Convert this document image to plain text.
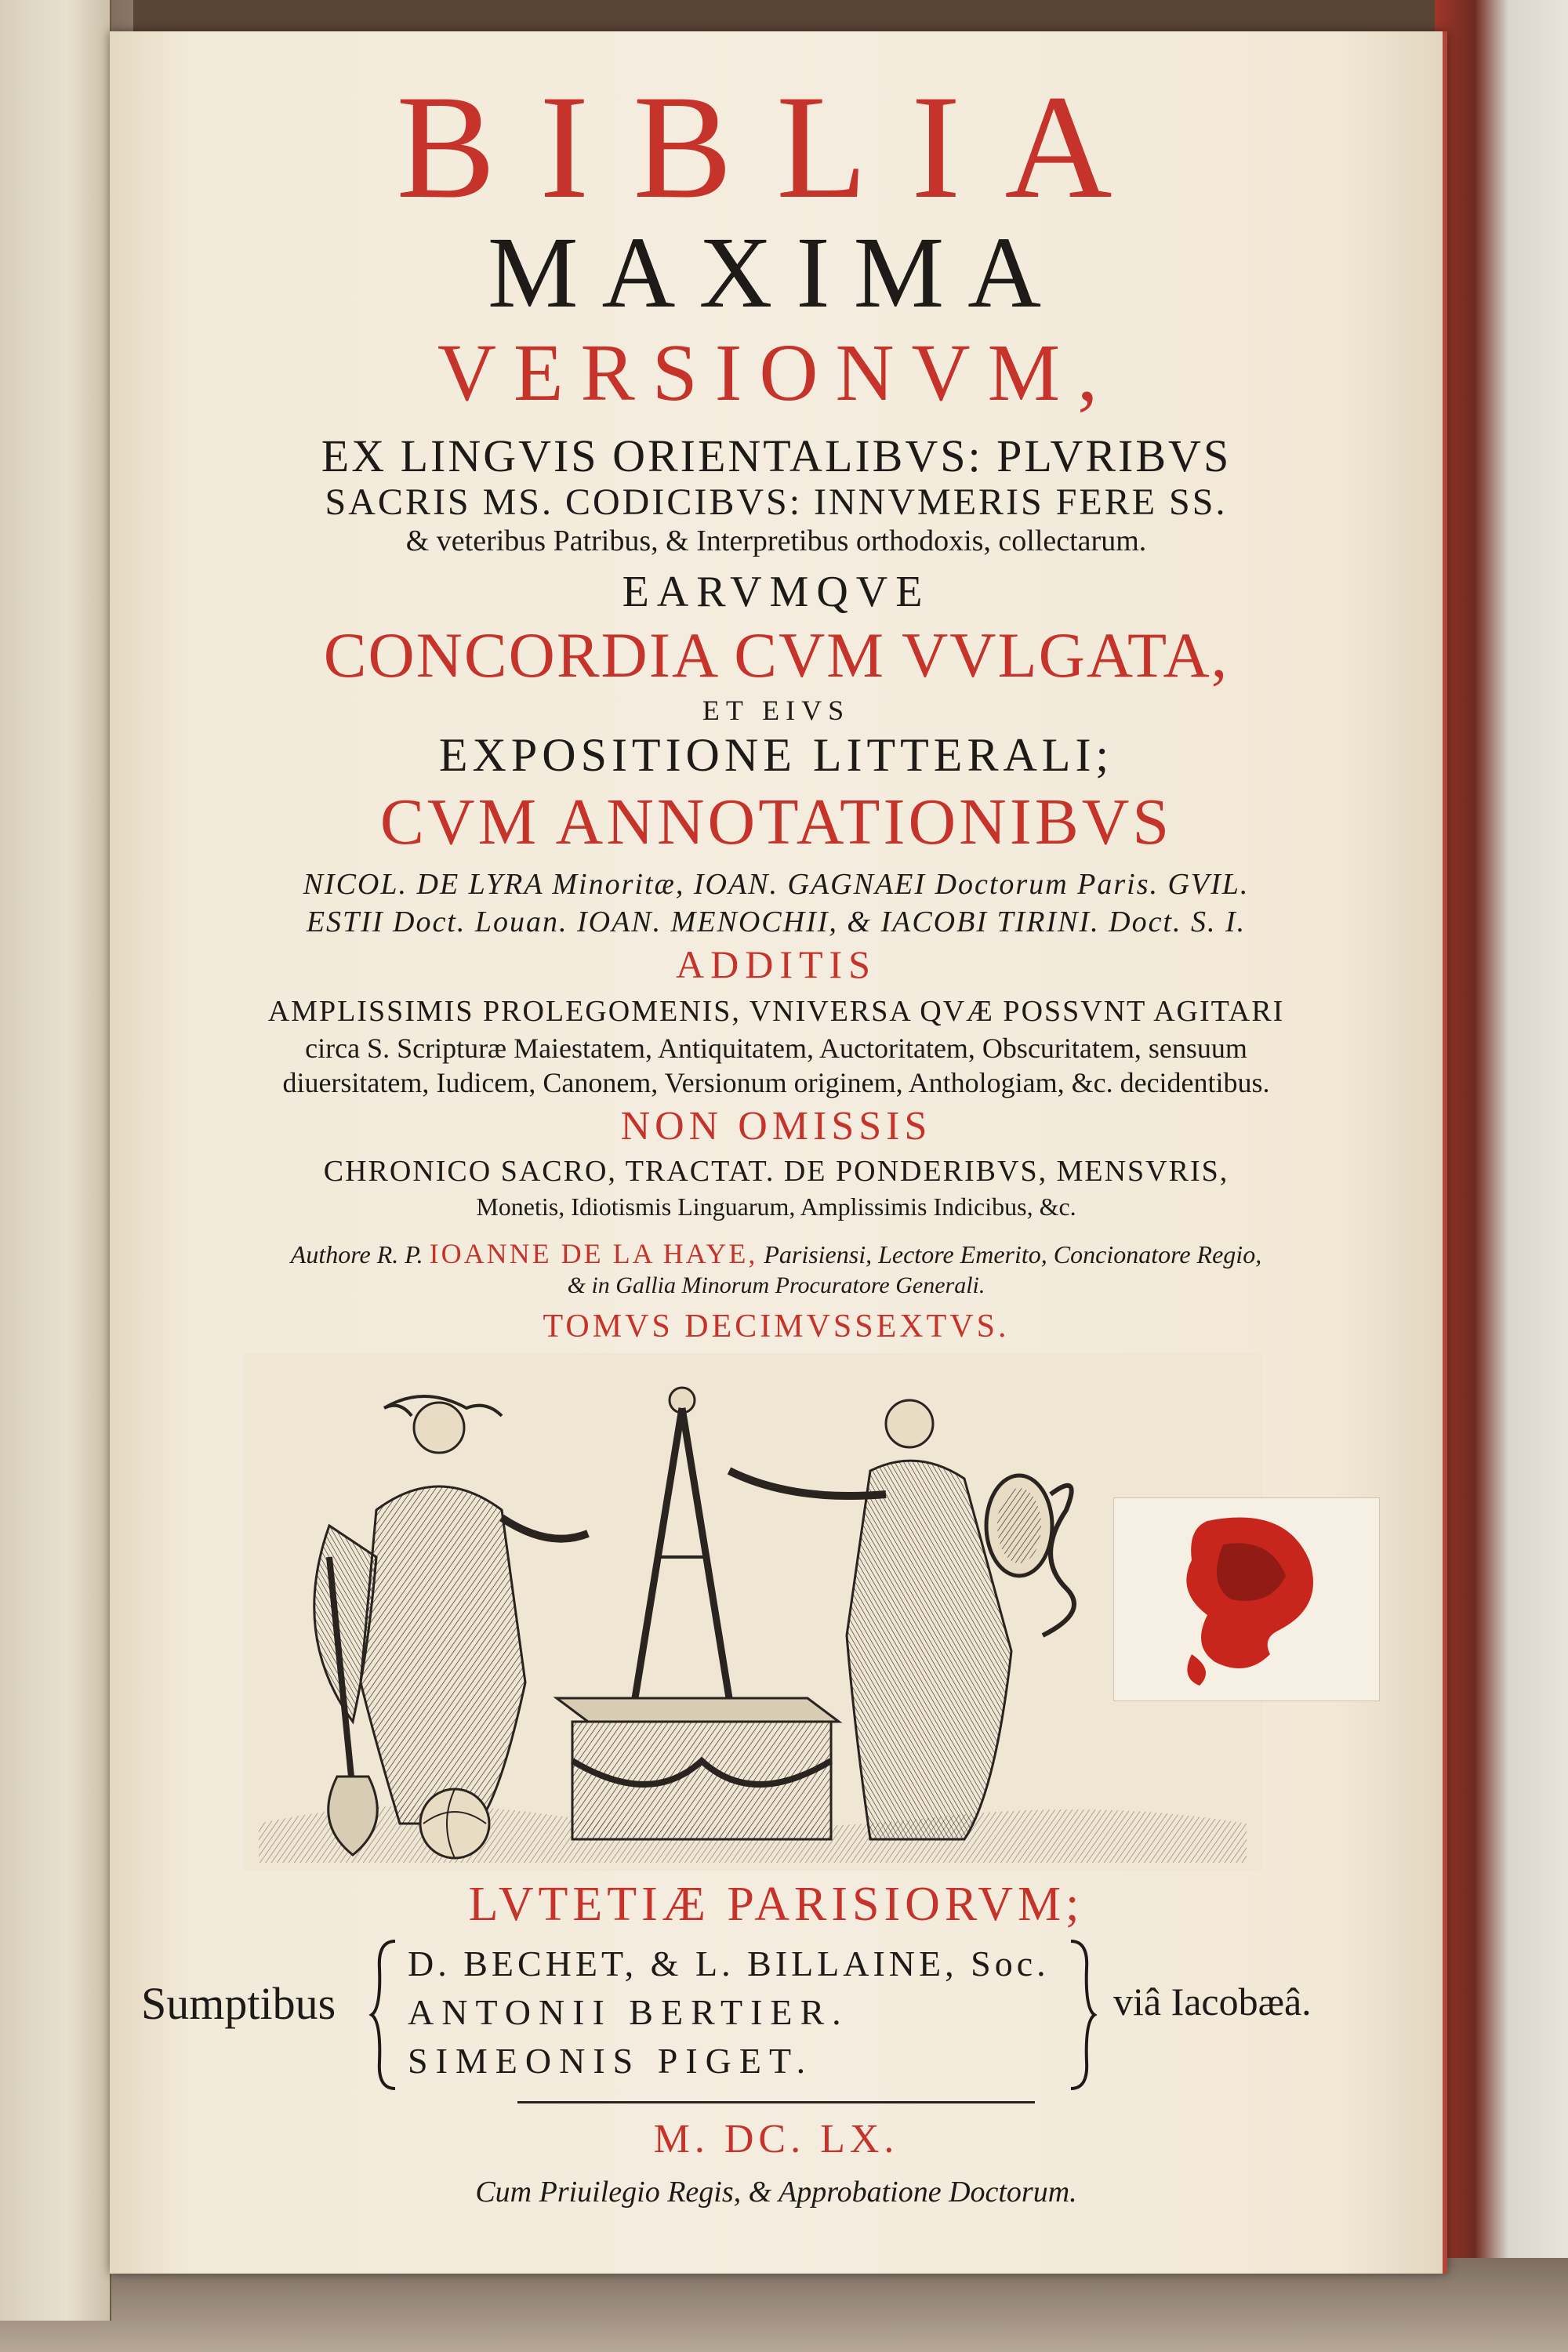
BIBLIA
MAXIMA
VERSIONVM,
EX LINGVIS ORIENTALIBVS: PLVRIBVS
SACRIS MS. CODICIBVS: INNVMERIS FERE SS.
& veteribus Patribus, & Interpretibus orthodoxis, collectarum.
EARVMQVE
CONCORDIA CVM VVLGATA,
ET EIVS
EXPOSITIONE LITTERALI;
CVM ANNOTATIONIBVS
NICOL. DE LYRA Minoritæ, IOAN. GAGNAEI Doctorum Paris. GVIL.
ESTII Doct. Louan. IOAN. MENOCHII, & IACOBI TIRINI. Doct. S. I.
ADDITIS
AMPLISSIMIS PROLEGOMENIS, VNIVERSA QVÆ POSSVNT AGITARI
circa S. Scripturæ Maiestatem, Antiquitatem, Auctoritatem, Obscuritatem, sensuum
diuersitatem, Iudicem, Canonem, Versionum originem, Anthologiam, &c. decidentibus.
NON OMISSIS
CHRONICO SACRO, TRACTAT. DE PONDERIBVS, MENSVRIS,
Monetis, Idiotismis Linguarum, Amplissimis Indicibus, &c.
Authore R. P. IOANNE DE LA HAYE, Parisiensi, Lectore Emerito, Concionatore Regio,
& in Gallia Minorum Procuratore Generali.
TOMVS DECIMVSSEXTVS.
LVTETIÆ PARISIORVM;
Sumptibus
D. BECHET, & L. BILLAINE, Soc.
ANTONII BERTIER.
SIMEONIS PIGET.
viâ Iacobæâ.
M. DC. LX.
Cum Priuilegio Regis, & Approbatione Doctorum.
